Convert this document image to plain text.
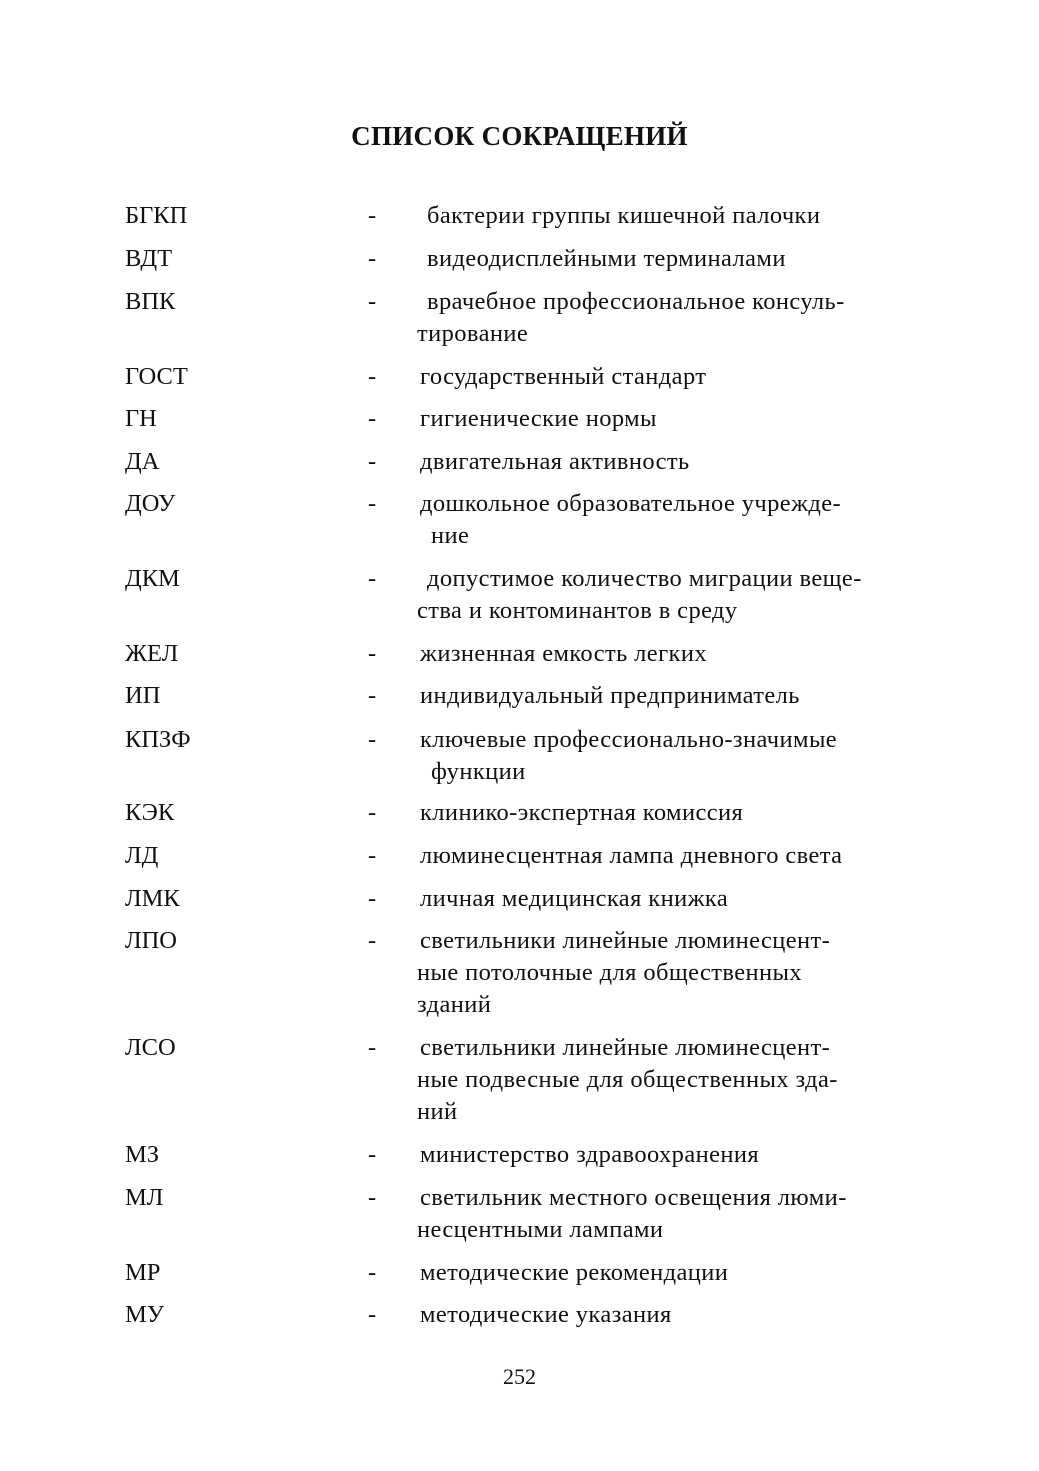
СПИСОК СОКРАЩЕНИЙ
БГКП	- бактерии группы кишечной палочки
ВДТ	- видеодисплейными терминалами
ВПК	- врачебное профессиональное консуль-
тирование
ГОСТ	- государственный стандарт
ГН	- гигиенические нормы
ДА	- двигательная активность
ДОУ	- дошкольное образовательное учрежде-
ние
ДКМ	- допустимое количество миграции веще-
ства и контоминантов в среду
ЖЕЛ	- жизненная емкость легких
ИП	- индивидуальный предприниматель
КПЗФ	- ключевые профессионально-значимые
функции
КЭК	- клинико-экспертная комиссия
ЛД	- люминесцентная лампа дневного света
ЛМК	- личная медицинская книжка
ЛПО	- светильники линейные люминесцент-
ные потолочные для общественных
зданий
ЛСО	- светильники линейные люминесцент-
ные подвесные для общественных зда-
ний
МЗ	- министерство здравоохранения
МЛ	- светильник местного освещения люми-
несцентными лампами
МР	- методические рекомендации
МУ	- методические указания
252
